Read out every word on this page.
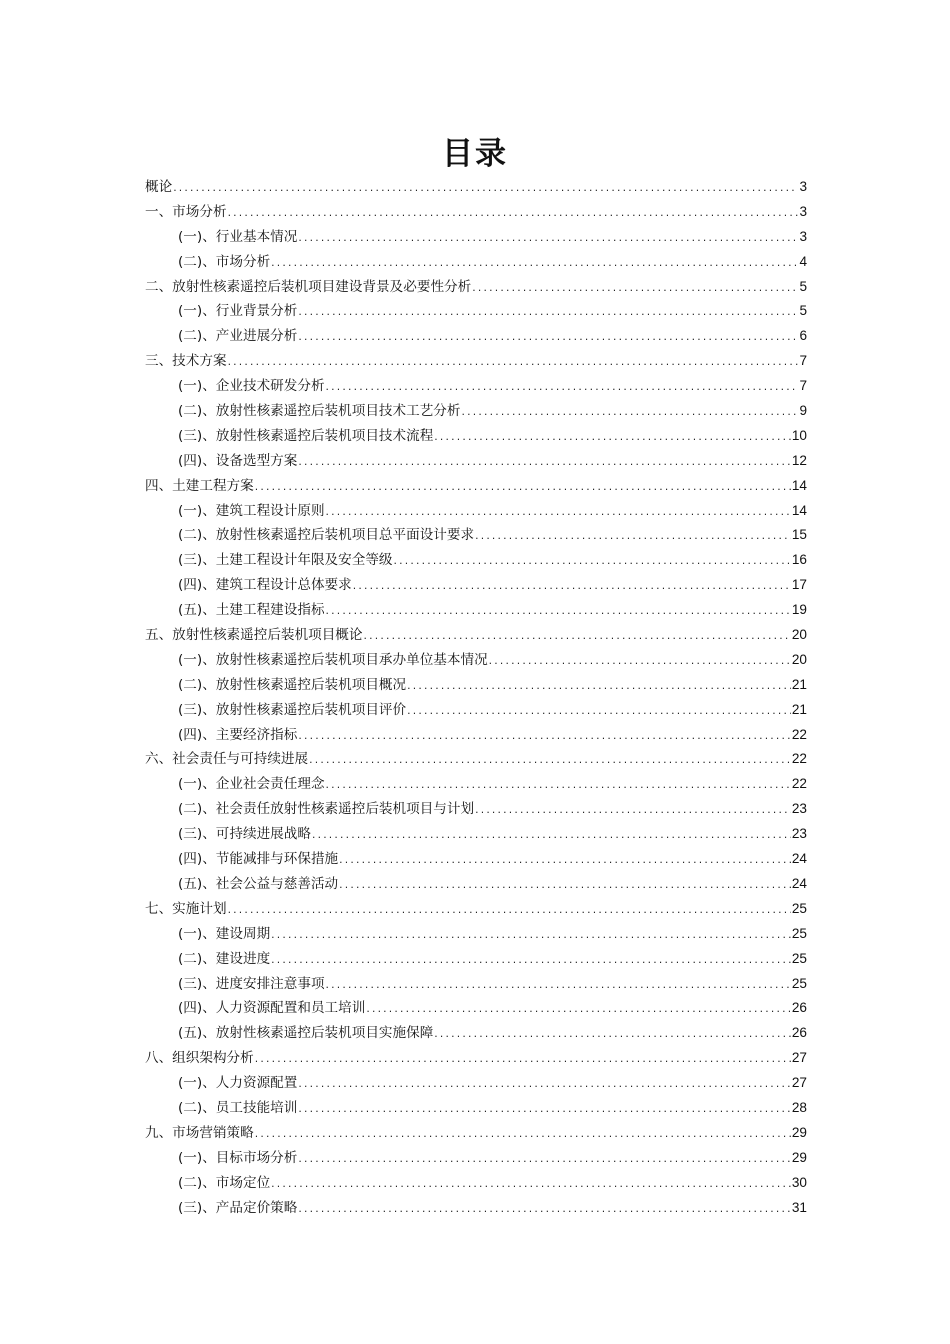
目录
概论 .....	3
一、市场分析 .....	3
(一)、行业基本情况 .....	3
(二)、市场分析 .....	4
二、放射性核素遥控后装机项目建设背景及必要性分析 .....	5
(一)、行业背景分析 .....	5
(二)、产业进展分析 .....	6
三、技术方案 .....	7
(一)、企业技术研发分析 .....	7
(二)、放射性核素遥控后装机项目技术工艺分析 .....	9
(三)、放射性核素遥控后装机项目技术流程 .....	10
(四)、设备选型方案 .....	12
四、土建工程方案 .....	14
(一)、建筑工程设计原则 .....	14
(二)、放射性核素遥控后装机项目总平面设计要求 .....	15
(三)、土建工程设计年限及安全等级 .....	16
(四)、建筑工程设计总体要求 .....	17
(五)、土建工程建设指标 .....	19
五、放射性核素遥控后装机项目概论 .....	20
(一)、放射性核素遥控后装机项目承办单位基本情况 .....	20
(二)、放射性核素遥控后装机项目概况 .....	21
(三)、放射性核素遥控后装机项目评价 .....	21
(四)、主要经济指标 .....	22
六、社会责任与可持续进展 .....	22
(一)、企业社会责任理念 .....	22
(二)、社会责任放射性核素遥控后装机项目与计划 .....	23
(三)、可持续进展战略 .....	23
(四)、节能减排与环保措施 .....	24
(五)、社会公益与慈善活动 .....	24
七、实施计划 .....	25
(一)、建设周期 .....	25
(二)、建设进度 .....	25
(三)、进度安排注意事项 .....	25
(四)、人力资源配置和员工培训 .....	26
(五)、放射性核素遥控后装机项目实施保障 .....	26
八、组织架构分析 .....	27
(一)、人力资源配置 .....	27
(二)、员工技能培训 .....	28
九、市场营销策略 .....	29
(一)、目标市场分析 .....	29
(二)、市场定位 .....	30
(三)、产品定价策略 .....	31
